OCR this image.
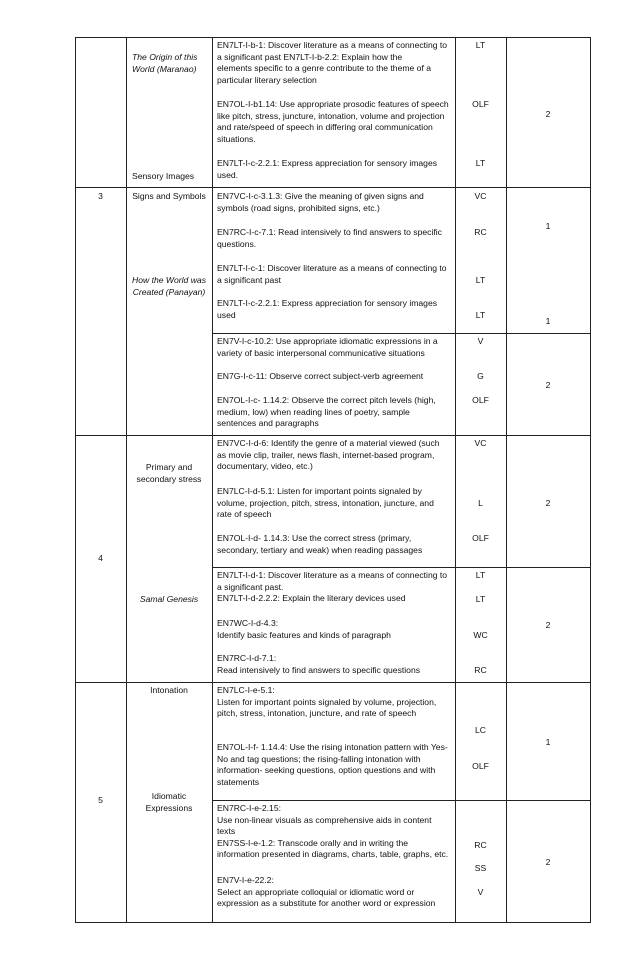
The Origin of this
World (Maranao)
Sensory Images
EN7LT-I-b-1: Discover literature as a means of connecting to
a significant past EN7LT-I-b-2.2: Explain how the
elements specific to a genre contribute to the theme of a
particular literary selection
EN7OL-I-b1.14: Use appropriate prosodic features of speech
like pitch, stress, juncture, intonation, volume and projection
and rate/speed of speech in differing oral communication
situations.
EN7LT-I-c-2.2.1: Express appreciation for sensory images
used.
LT
OLF
LT
2
3	Signs and Symbols
How the World was
Created (Panayan)
EN7VC-I-c-3.1.3: Give the meaning of given signs and
symbols (road signs, prohibited signs, etc.)
EN7RC-I-c-7.1: Read intensively to find answers to specific
questions.
EN7LT-I-c-1: Discover literature as a means of connecting to
a significant past
EN7LT-I-c-2.2.1: Express appreciation for sensory images
used
EN7V-I-c-10.2: Use appropriate idiomatic expressions in a
variety of basic interpersonal communicative situations
EN7G-I-c-11: Observe correct subject-verb agreement
EN7OL-I-c- 1.14.2: Observe the correct pitch levels (high,
medium, low) when reading lines of poetry, sample
sentences and paragraphs
VC
RC
LT
LT
V
G
OLF
1
1
2
4
Primary and
secondary stress
Samal Genesis
EN7VC-I-d-6: Identify the genre of a material viewed (such
as movie clip, trailer, news flash, internet-based program,
documentary, video, etc.)
EN7LC-I-d-5.1: Listen for important points signaled by
volume, projection, pitch, stress, intonation, juncture, and
rate of speech
EN7OL-I-d- 1.14.3: Use the correct stress (primary,
secondary, tertiary and weak) when reading passages
EN7LT-I-d-1: Discover literature as a means of connecting to
a significant past.
EN7LT-I-d-2.2.2: Explain the literary devices used
EN7WC-I-d-4.3:
Identify basic features and kinds of paragraph
EN7RC-I-d-7.1:
Read intensively to find answers to specific questions
VC
L
OLF
LT
LT
WC
RC
2
2
5
Intonation
Idiomatic
Expressions
EN7LC-I-e-5.1:
Listen for important points signaled by volume, projection,
pitch, stress, intonation, juncture, and rate of speech
EN7OL-I-f- 1.14.4: Use the rising intonation pattern with Yes-
No and tag questions; the rising-falling intonation with
information- seeking questions, option questions and with
statements
EN7RC-I-e-2.15:
Use non-linear visuals as comprehensive aids in content
texts
EN7SS-I-e-1.2: Transcode orally and in writing the
information presented in diagrams, charts, table, graphs, etc.
EN7V-I-e-22.2:
Select an appropriate colloquial or idiomatic word or
expression as a substitute for another word or expression
LC
OLF
RC
SS
V
1
2
